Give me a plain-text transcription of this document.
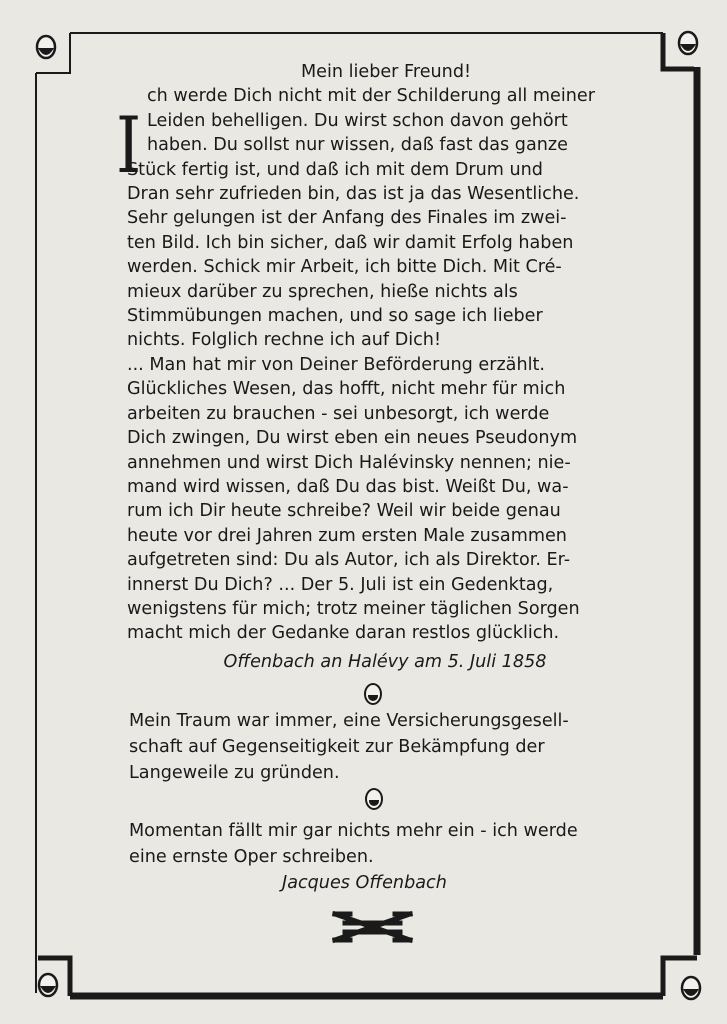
Mein lieber Freund!
I
ch werde Dich nicht mit der Schilderung all meiner
Leiden behelligen. Du wirst schon davon gehört
haben. Du sollst nur wissen, daß fast das ganze
Stück fertig ist, und daß ich mit dem Drum und
Dran sehr zufrieden bin, das ist ja das Wesentliche.
Sehr gelungen ist der Anfang des Finales im zwei-
ten Bild. Ich bin sicher, daß wir damit Erfolg haben
werden. Schick mir Arbeit, ich bitte Dich. Mit Cré-
mieux darüber zu sprechen, hieße nichts als
Stimmübungen machen, und so sage ich lieber
nichts. Folglich rechne ich auf Dich!
... Man hat mir von Deiner Beförderung erzählt.
Glückliches Wesen, das hofft, nicht mehr für mich
arbeiten zu brauchen - sei unbesorgt, ich werde
Dich zwingen, Du wirst eben ein neues Pseudonym
annehmen und wirst Dich Halévinsky nennen; nie-
mand wird wissen, daß Du das bist. Weißt Du, wa-
rum ich Dir heute schreibe? Weil wir beide genau
heute vor drei Jahren zum ersten Male zusammen
aufgetreten sind: Du als Autor, ich als Direktor. Er-
innerst Du Dich? ... Der 5. Juli ist ein Gedenktag,
wenigstens für mich; trotz meiner täglichen Sorgen
macht mich der Gedanke daran restlos glücklich.
Offenbach an Halévy am 5. Juli 1858
Mein Traum war immer, eine Versicherungsgesell-
schaft auf Gegenseitigkeit zur Bekämpfung der
Langeweile zu gründen.
Momentan fällt mir gar nichts mehr ein - ich werde
eine ernste Oper schreiben.
Jacques Offenbach
